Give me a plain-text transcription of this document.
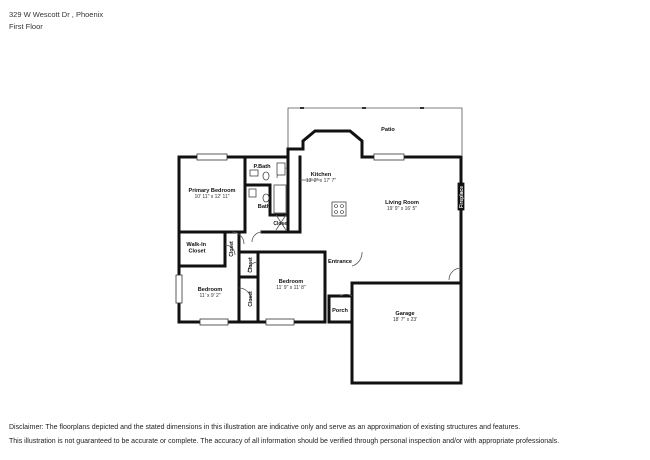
329 W Wescott Dr , Phoenix
First Floor
Patio
Kitchen
13' 2" x 17' 7"
Living Room
19' 9" x 16' 5"
Primary Bedroom
10' 11" x 12' 11"
P.Bath
Bath
Closet
Walk-In Closet	Closet
Closet
Closet
Bedroom
11' x 9' 2"
Bedroom
11' 9" x 11' 8"
Entrance
Porch	Garage
18' 7" x 23'
Fireplace
Disclaimer: The floorplans depicted and the stated dimensions in this illustration are indicative only and serve as an approximation of existing structures and features.
This illustration is not guaranteed to be accurate or complete. The accuracy of all information should be verified through personal inspection and/or with appropriate professionals.
